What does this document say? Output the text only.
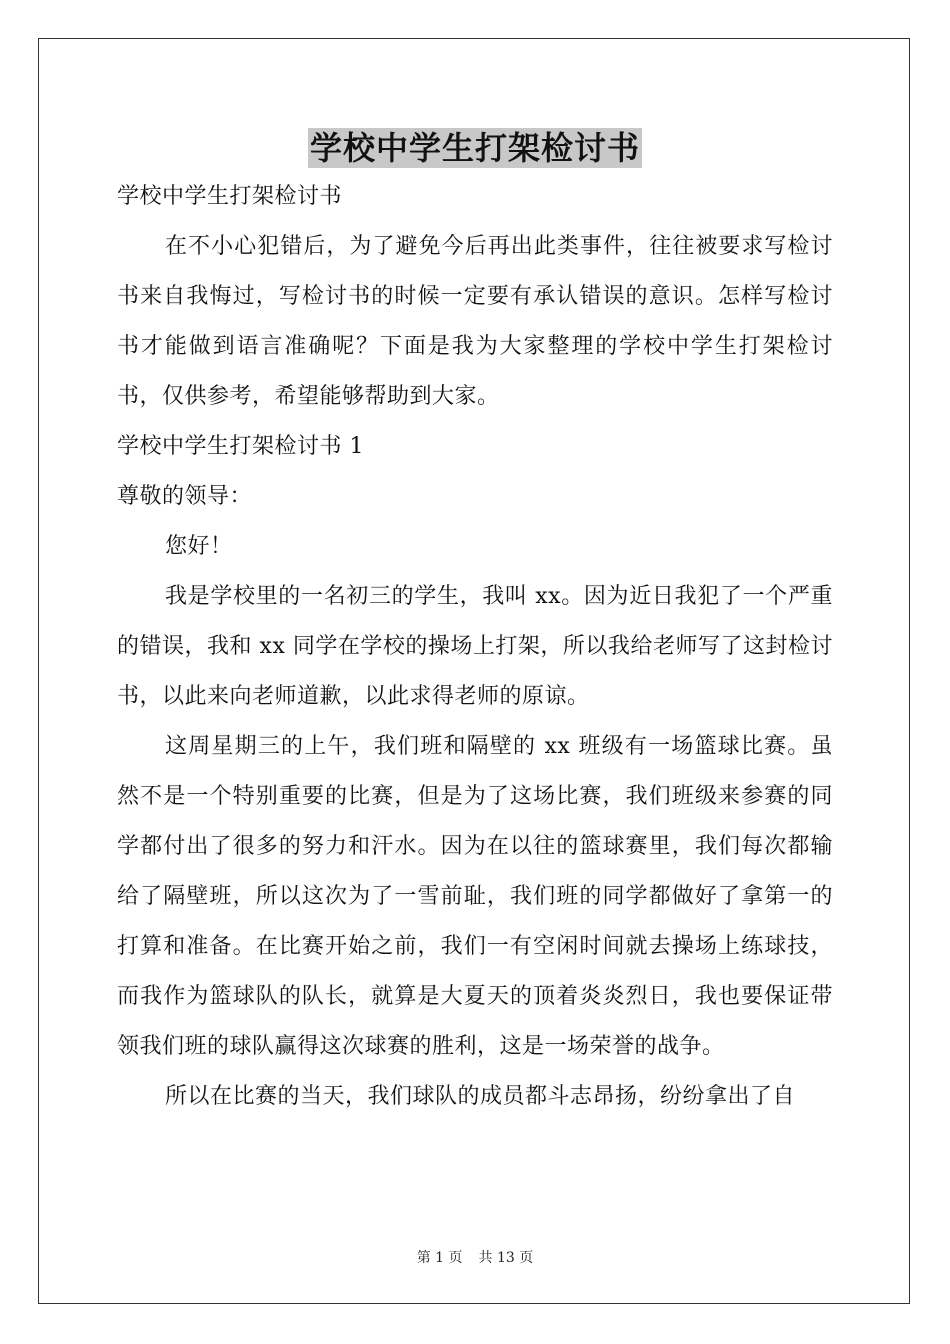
学校中学生打架检讨书

学校中学生打架检讨书

在不小心犯错后，为了避免今后再出此类事件，往往被要求写检讨书来自我悔过，写检讨书的时候一定要有承认错误的意识。怎样写检讨书才能做到语言准确呢？下面是我为大家整理的学校中学生打架检讨书，仅供参考，希望能够帮助到大家。

学校中学生打架检讨书 1

尊敬的领导：

您好！

我是学校里的一名初三的学生，我叫 xx。因为近日我犯了一个严重的错误，我和 xx 同学在学校的操场上打架，所以我给老师写了这封检讨书，以此来向老师道歉，以此求得老师的原谅。

这周星期三的上午，我们班和隔壁的 xx 班级有一场篮球比赛。虽然不是一个特别重要的比赛，但是为了这场比赛，我们班级来参赛的同学都付出了很多的努力和汗水。因为在以往的篮球赛里，我们每次都输给了隔壁班，所以这次为了一雪前耻，我们班的同学都做好了拿第一的打算和准备。在比赛开始之前，我们一有空闲时间就去操场上练球技，而我作为篮球队的队长，就算是大夏天的顶着炎炎烈日，我也要保证带领我们班的球队赢得这次球赛的胜利，这是一场荣誉的战争。

所以在比赛的当天，我们球队的成员都斗志昂扬，纷纷拿出了自

第 1 页 共 13 页
